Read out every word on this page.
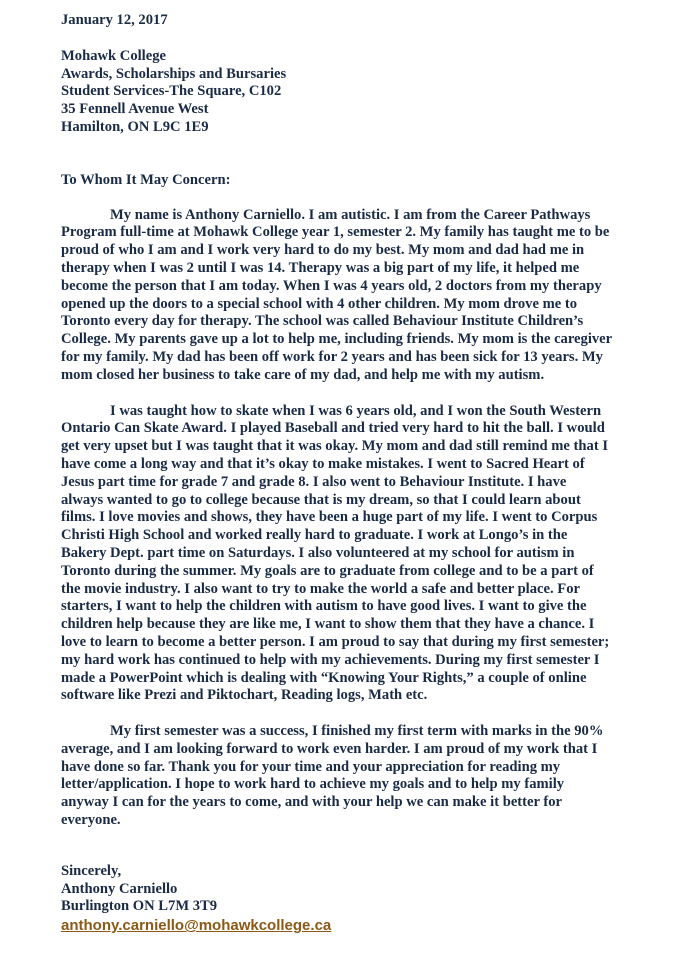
January 12, 2017
Mohawk College
Awards, Scholarships and Bursaries
Student Services-The Square, C102
35 Fennell Avenue West
Hamilton, ON L9C 1E9
To Whom It May Concern:
My name is Anthony Carniello. I am autistic. I am from the Career Pathways
Program full-time at Mohawk College year 1, semester 2. My family has taught me to be
proud of who I am and I work very hard to do my best. My mom and dad had me in
therapy when I was 2 until I was 14. Therapy was a big part of my life, it helped me
become the person that I am today. When I was 4 years old, 2 doctors from my therapy
opened up the doors to a special school with 4 other children. My mom drove me to
Toronto every day for therapy. The school was called Behaviour Institute Children’s
College. My parents gave up a lot to help me, including friends. My mom is the caregiver
for my family. My dad has been off work for 2 years and has been sick for 13 years. My
mom closed her business to take care of my dad, and help me with my autism.
I was taught how to skate when I was 6 years old, and I won the South Western
Ontario Can Skate Award. I played Baseball and tried very hard to hit the ball. I would
get very upset but I was taught that it was okay. My mom and dad still remind me that I
have come a long way and that it’s okay to make mistakes. I went to Sacred Heart of
Jesus part time for grade 7 and grade 8. I also went to Behaviour Institute. I have
always wanted to go to college because that is my dream, so that I could learn about
films. I love movies and shows, they have been a huge part of my life. I went to Corpus
Christi High School and worked really hard to graduate. I work at Longo’s in the
Bakery Dept. part time on Saturdays. I also volunteered at my school for autism in
Toronto during the summer. My goals are to graduate from college and to be a part of
the movie industry. I also want to try to make the world a safe and better place. For
starters, I want to help the children with autism to have good lives. I want to give the
children help because they are like me, I want to show them that they have a chance. I
love to learn to become a better person. I am proud to say that during my first semester;
my hard work has continued to help with my achievements. During my first semester I
made a PowerPoint which is dealing with “Knowing Your Rights,” a couple of online
software like Prezi and Piktochart, Reading logs, Math etc.
My first semester was a success, I finished my first term with marks in the 90%
average, and I am looking forward to work even harder. I am proud of my work that I
have done so far. Thank you for your time and your appreciation for reading my
letter/application. I hope to work hard to achieve my goals and to help my family
anyway I can for the years to come, and with your help we can make it better for
everyone.
Sincerely,
Anthony Carniello
Burlington ON L7M 3T9
anthony.carniello@mohawkcollege.ca
